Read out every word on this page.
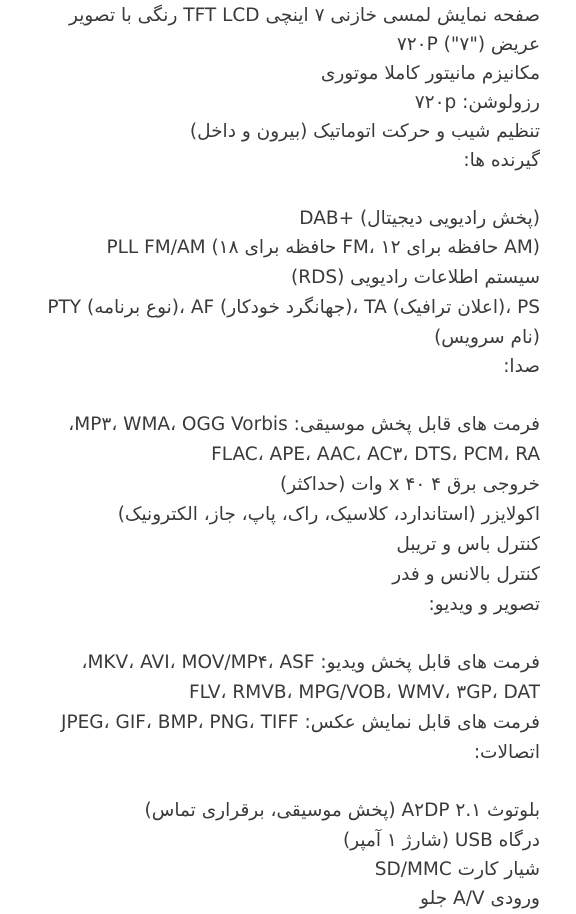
صفحه نمایش لمسی خازنی ۷ اینچی TFT LCD رنگی با تصویر
عریض ("۷") ۷۲۰P
مکانیزم مانیتور کاملا موتوری
رزولوشن: ۷۲۰p
تنظیم شیب و حرکت اتوماتیک (بیرون و داخل)
گیرنده ها:
DAB+ (پخش رادیویی دیجیتال)
PLL FM/AM (۱۸ حافظه برای FM، ۱۲ حافظه برای AM)
سیستم اطلاعات رادیویی (RDS)
PTY (نوع برنامه)، AF (جهانگرد خودکار)، TA (اعلان ترافیک)، PS
(نام سرویس)
صدا:
فرمت های قابل پخش موسیقی: MP۳، WMA، OGG Vorbis،
FLAC، APE، AAC، AC۳، DTS، PCM، RA
خروجی برق ۴ x ۴۰ وات (حداکثر)
اکولایزر (استاندارد، کلاسیک، راک، پاپ، جاز، الکترونیک)
کنترل باس و تریبل
کنترل بالانس و فدر
تصویر و ویدیو:
فرمت های قابل پخش ویدیو: MKV، AVI، MOV/MP۴، ASF،
FLV، RMVB، MPG/VOB، WMV، ۳GP، DAT
فرمت های قابل نمایش عکس: JPEG، GIF، BMP، PNG، TIFF
اتصالات:
بلوتوث ۲.۱ A۲DP (پخش موسیقی، برقراری تماس)
درگاه USB (شارژ ۱ آمپر)
شیار کارت SD/MMC
ورودی A/V جلو
